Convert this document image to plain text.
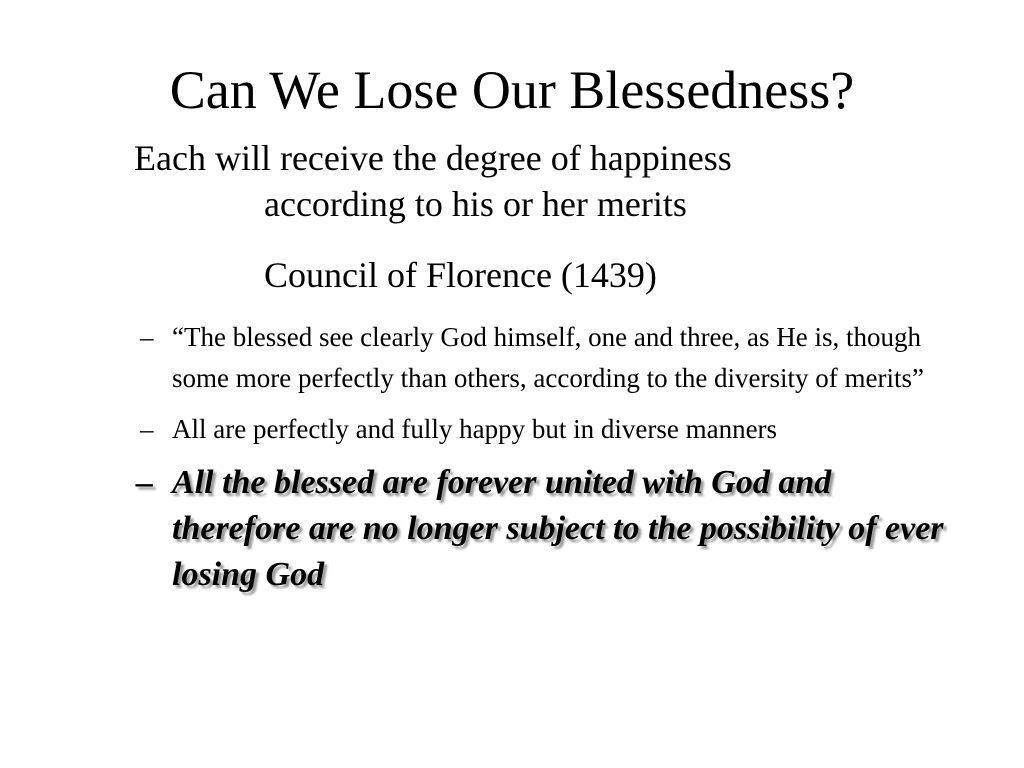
Can We Lose Our Blessedness?

Each will receive the degree of happiness
according to his or her merits

Council of Florence (1439)

– “The blessed see clearly God himself, one and three, as He is, though some more perfectly than others, according to the diversity of merits”
– All are perfectly and fully happy but in diverse manners
– All the blessed are forever united with God and therefore are no longer subject to the possibility of ever losing God
